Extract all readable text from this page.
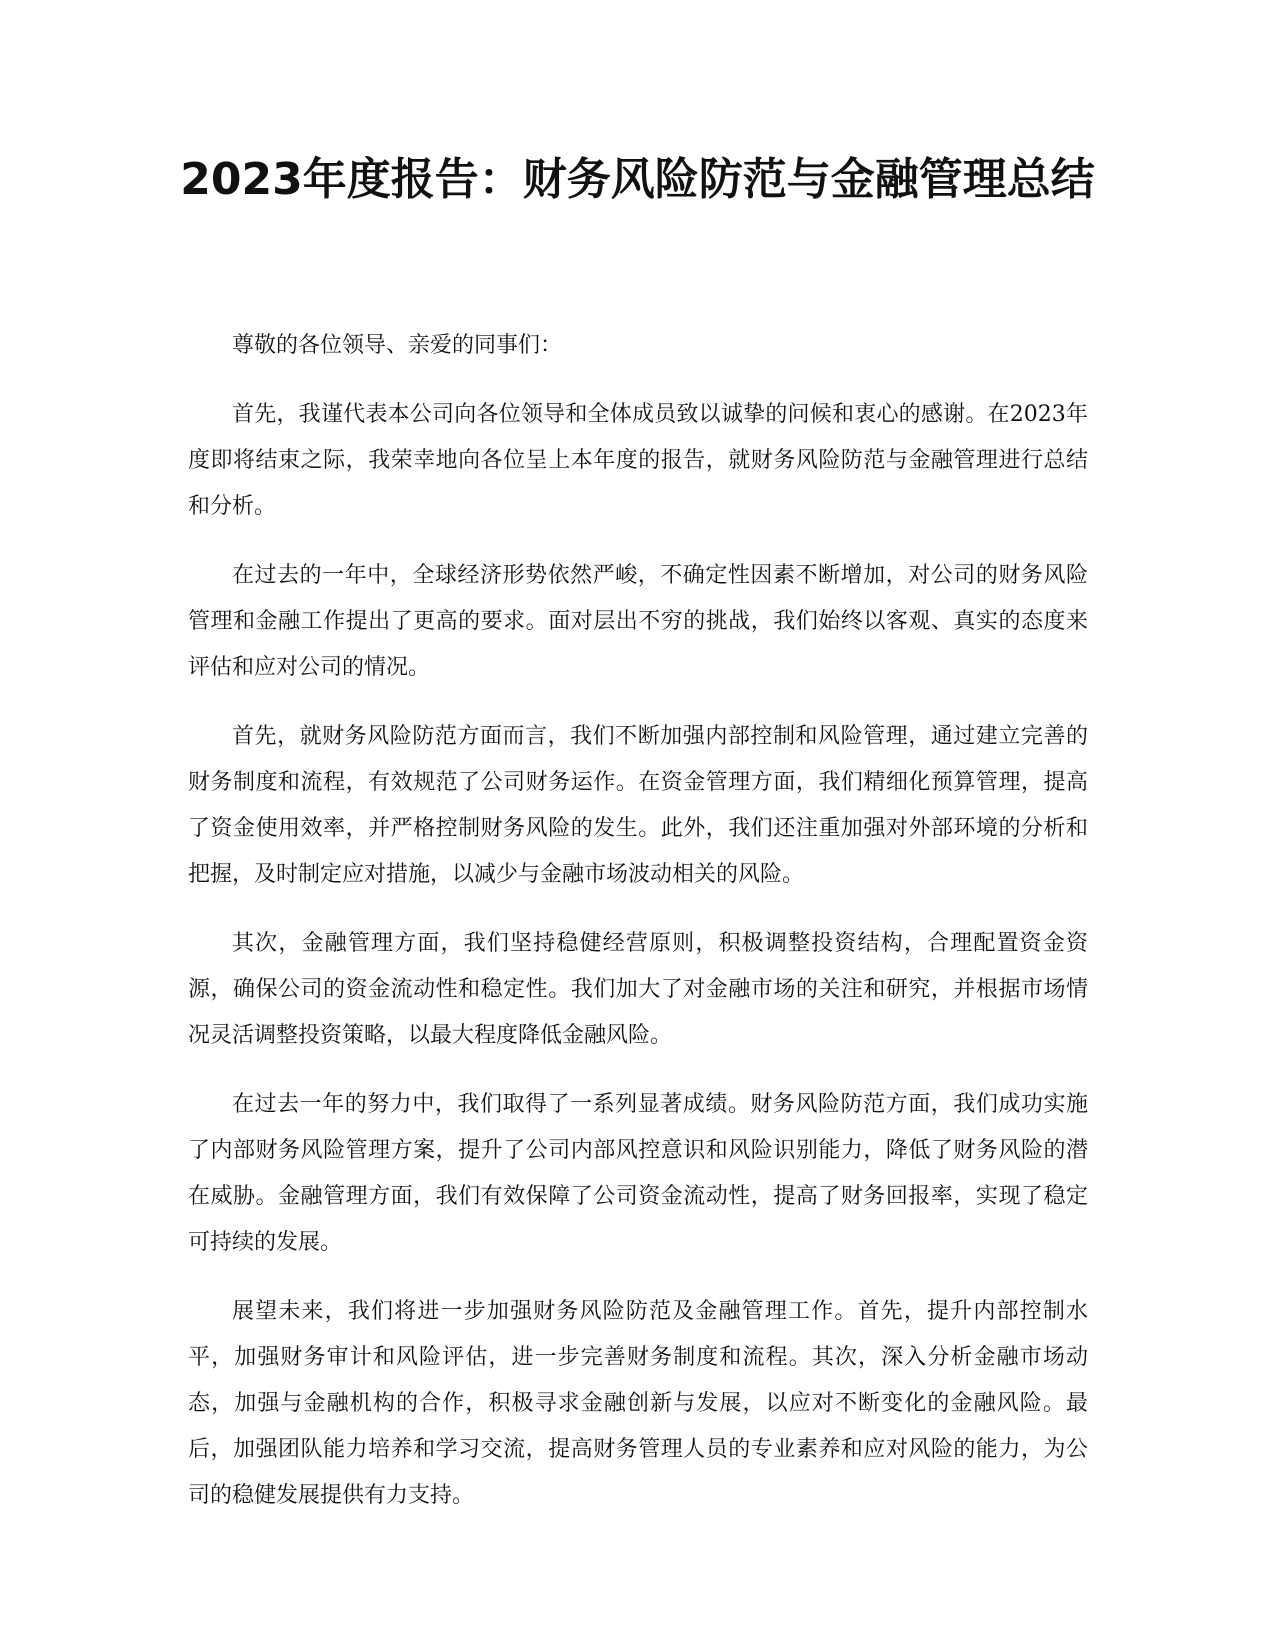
2023年度报告：财务风险防范与金融管理总结

尊敬的各位领导、亲爱的同事们：

首先，我谨代表本公司向各位领导和全体成员致以诚挚的问候和衷心的感谢。在2023年度即将结束之际，我荣幸地向各位呈上本年度的报告，就财务风险防范与金融管理进行总结和分析。

在过去的一年中，全球经济形势依然严峻，不确定性因素不断增加，对公司的财务风险管理和金融工作提出了更高的要求。面对层出不穷的挑战，我们始终以客观、真实的态度来评估和应对公司的情况。

首先，就财务风险防范方面而言，我们不断加强内部控制和风险管理，通过建立完善的财务制度和流程，有效规范了公司财务运作。在资金管理方面，我们精细化预算管理，提高了资金使用效率，并严格控制财务风险的发生。此外，我们还注重加强对外部环境的分析和把握，及时制定应对措施，以减少与金融市场波动相关的风险。

其次，金融管理方面，我们坚持稳健经营原则，积极调整投资结构，合理配置资金资源，确保公司的资金流动性和稳定性。我们加大了对金融市场的关注和研究，并根据市场情况灵活调整投资策略，以最大程度降低金融风险。

在过去一年的努力中，我们取得了一系列显著成绩。财务风险防范方面，我们成功实施了内部财务风险管理方案，提升了公司内部风控意识和风险识别能力，降低了财务风险的潜在威胁。金融管理方面，我们有效保障了公司资金流动性，提高了财务回报率，实现了稳定可持续的发展。

展望未来，我们将进一步加强财务风险防范及金融管理工作。首先，提升内部控制水平，加强财务审计和风险评估，进一步完善财务制度和流程。其次，深入分析金融市场动态，加强与金融机构的合作，积极寻求金融创新与发展，以应对不断变化的金融风险。最后，加强团队能力培养和学习交流，提高财务管理人员的专业素养和应对风险的能力，为公司的稳健发展提供有力支持。
